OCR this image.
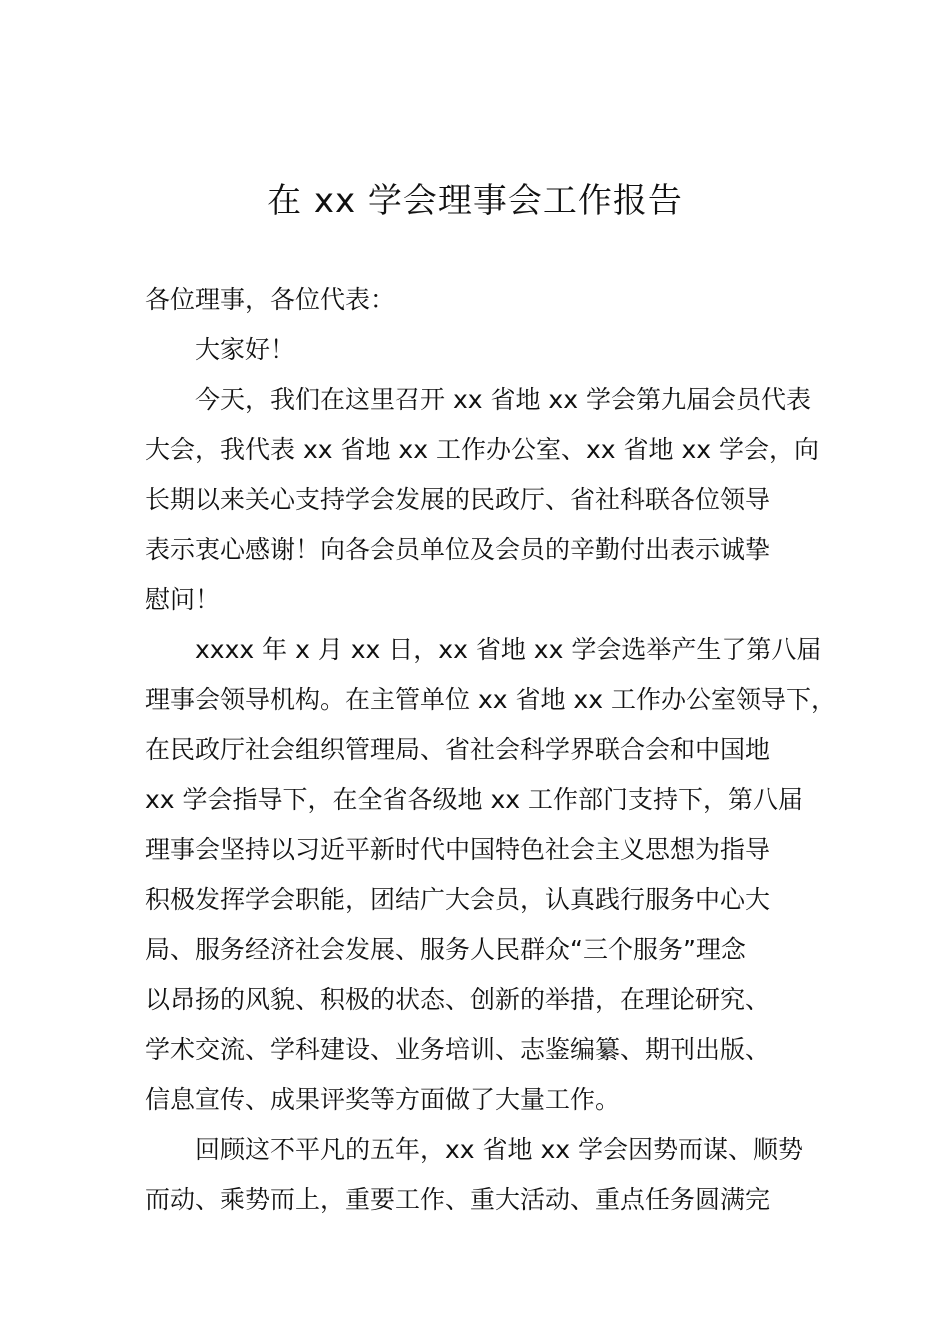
在 xx 学会理事会工作报告
各位理事，各位代表：
大家好！
今天，我们在这里召开 xx 省地 xx 学会第九届会员代表
大会，我代表 xx 省地 xx 工作办公室、xx 省地 xx 学会，向
长期以来关心支持学会发展的民政厅、省社科联各位领导
表示衷心感谢！向各会员单位及会员的辛勤付出表示诚挚
慰问！
xxxx 年 x 月 xx 日，xx 省地 xx 学会选举产生了第八届
理事会领导机构。在主管单位 xx 省地 xx 工作办公室领导下，
在民政厅社会组织管理局、省社会科学界联合会和中国地
xx 学会指导下，在全省各级地 xx 工作部门支持下，第八届
理事会坚持以习近平新时代中国特色社会主义思想为指导
积极发挥学会职能，团结广大会员，认真践行服务中心大
局、服务经济社会发展、服务人民群众“三个服务”理念
以昂扬的风貌、积极的状态、创新的举措，在理论研究、
学术交流、学科建设、业务培训、志鉴编纂、期刊出版、
信息宣传、成果评奖等方面做了大量工作。
回顾这不平凡的五年，xx 省地 xx 学会因势而谋、顺势
而动、乘势而上，重要工作、重大活动、重点任务圆满完
